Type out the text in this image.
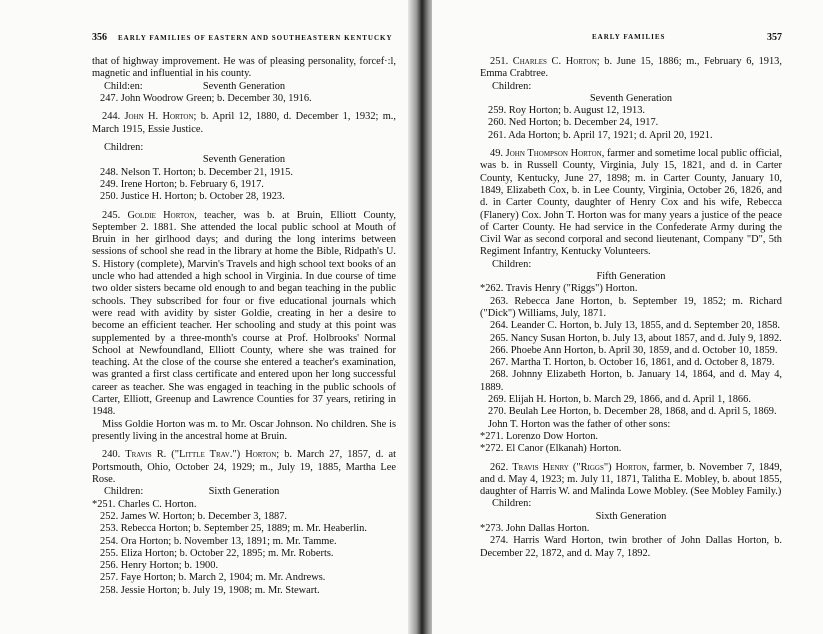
356 EARLY FAMILIES OF EASTERN AND SOUTHEASTERN KENTUCKY

that of highway improvement. He was of pleasing personality, forcef·:l, magnetic and influential in his county.

Child:en:	Seventh Generation

247. John Woodrow Green; b. December 30, 1916.

244. John H. Horton; b. April 12, 1880, d. December 1, 1932; m., March 1915, Essie Justice.

Children:

Seventh Generation

248. Nelson T. Horton; b. December 21, 1915.

249. Irene Horton; b. February 6, 1917.

250. Justice H. Horton; b. October 28, 1923.

245. Goldie Horton, teacher, was b. at Bruin, Elliott County, September 2. 1881. She attended the local public school at Mouth of Bruin in her girlhood days; and during the long interims between sessions of school she read in the library at home the Bible, Ridpath's U. S. History (complete), Marvin's Travels and high school text books of an uncle who had attended a high school in Virginia. In due course of time two older sisters became old enough to and began teaching in the public schools. They subscribed for four or five educational journals which were read with avidity by sister Goldie, creating in her a desire to become an efficient teacher. Her schooling and study at this point was supplemented by a three-month's course at Prof. Holbrooks' Normal School at Newfoundland, Elliott County, where she was trained for teaching. At the close of the course she entered a teacher's examination, was granted a first class certificate and entered upon her long successful career as teacher. She was engaged in teaching in the public schools of Carter, Elliott, Greenup and Lawrence Counties for 37 years, retiring in 1948.

Miss Goldie Horton was m. to Mr. Oscar Johnson. No children. She is presently living in the ancestral home at Bruin.

240. Travis R. ("Little Trav.") Horton; b. March 27, 1857, d. at Portsmouth, Ohio, October 24, 1929; m., July 19, 1885, Martha Lee Rose.

Children:	Sixth Generation

*251. Charles C. Horton.

252. James W. Horton; b. December 3, 1887.

253. Rebecca Horton; b. September 25, 1889; m. Mr. Heaberlin.

254. Ora Horton; b. November 13, 1891; m. Mr. Tamme.

255. Eliza Horton; b. October 22, 1895; m. Mr. Roberts.

256. Henry Horton; b. 1900.

257. Faye Horton; b. March 2, 1904; m. Mr. Andrews.

258. Jessie Horton; b. July 19, 1908; m. Mr. Stewart.

EARLY FAMILIES	357

251. Charles C. Horton; b. June 15, 1886; m., February 6, 1913, Emma Crabtree.

Children:

Seventh Generation

259. Roy Horton; b. August 12, 1913.

260. Ned Horton; b. December 24, 1917.

261. Ada Horton; b. April 17, 1921; d. April 20, 1921.

49. John Thompson Horton, farmer and sometime local public official, was b. in Russell County, Virginia, July 15, 1821, and d. in Carter County, Kentucky, June 27, 1898; m. in Carter County, January 10, 1849, Elizabeth Cox, b. in Lee County, Virginia, October 26, 1826, and d. in Carter County, daughter of Henry Cox and his wife, Rebecca (Flanery) Cox. John T. Horton was for many years a justice of the peace of Carter County. He had service in the Confederate Army during the Civil War as second corporal and second lieutenant, Company "D", 5th Regiment Infantry, Kentucky Volunteers.

Children:

Fifth Generation

*262. Travis Henry ("Riggs") Horton.

263. Rebecca Jane Horton, b. September 19, 1852; m. Richard ("Dick") Williams, July, 1871.

264. Leander C. Horton, b. July 13, 1855, and d. September 20, 1858.

265. Nancy Susan Horton, b. July 13, about 1857, and d. July 9, 1892.

266. Phoebe Ann Horton, b. April 30, 1859, and d. October 10, 1859.

267. Martha T. Horton, b. October 16, 1861, and d. October 8, 1879.

268. Johnny Elizabeth Horton, b. January 14, 1864, and d. May 4, 1889.

269. Elijah H. Horton, b. March 29, 1866, and d. April 1, 1866.

270. Beulah Lee Horton, b. December 28, 1868, and d. April 5, 1869.

John T. Horton was the father of other sons:

*271. Lorenzo Dow Horton.

*272. El Canor (Elkanah) Horton.

262. Travis Henry ("Riggs") Horton, farmer, b. November 7, 1849, and d. May 4, 1923; m. July 11, 1871, Talitha E. Mobley, b. about 1855, daughter of Harris W. and Malinda Lowe Mobley. (See Mobley Family.)

Children:

Sixth Generation

*273. John Dallas Horton.

274. Harris Ward Horton, twin brother of John Dallas Horton, b. December 22, 1872, and d. May 7, 1892.
